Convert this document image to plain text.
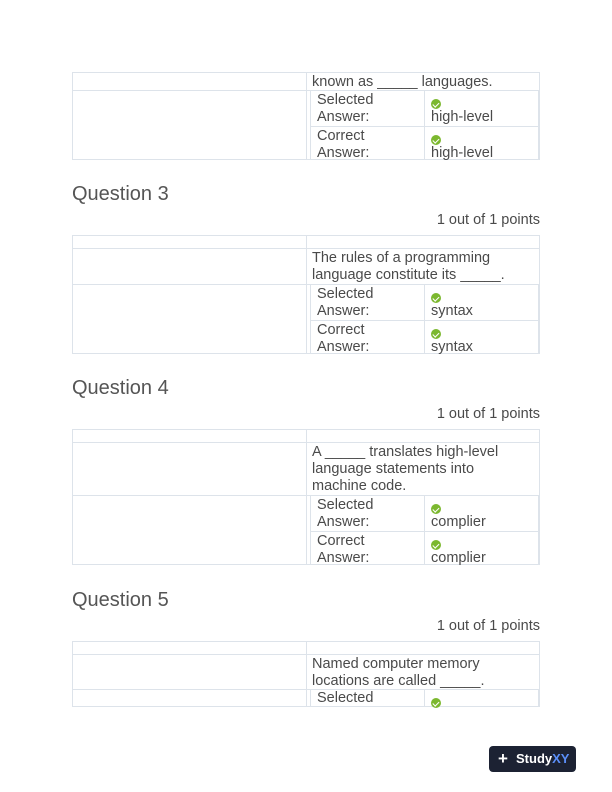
known as _____ languages.
Selected Answer:	high-level
Correct Answer:	high-level
Question 3
1 out of 1 points
The rules of a programming language constitute its _____.
Selected Answer:	syntax
Correct Answer:	syntax
Question 4
1 out of 1 points
A _____ translates high-level language statements into machine code.
Selected Answer:	complier
Correct Answer:	complier
Question 5
1 out of 1 points
Named computer memory locations are called _____.
Selected
+ StudyXY
